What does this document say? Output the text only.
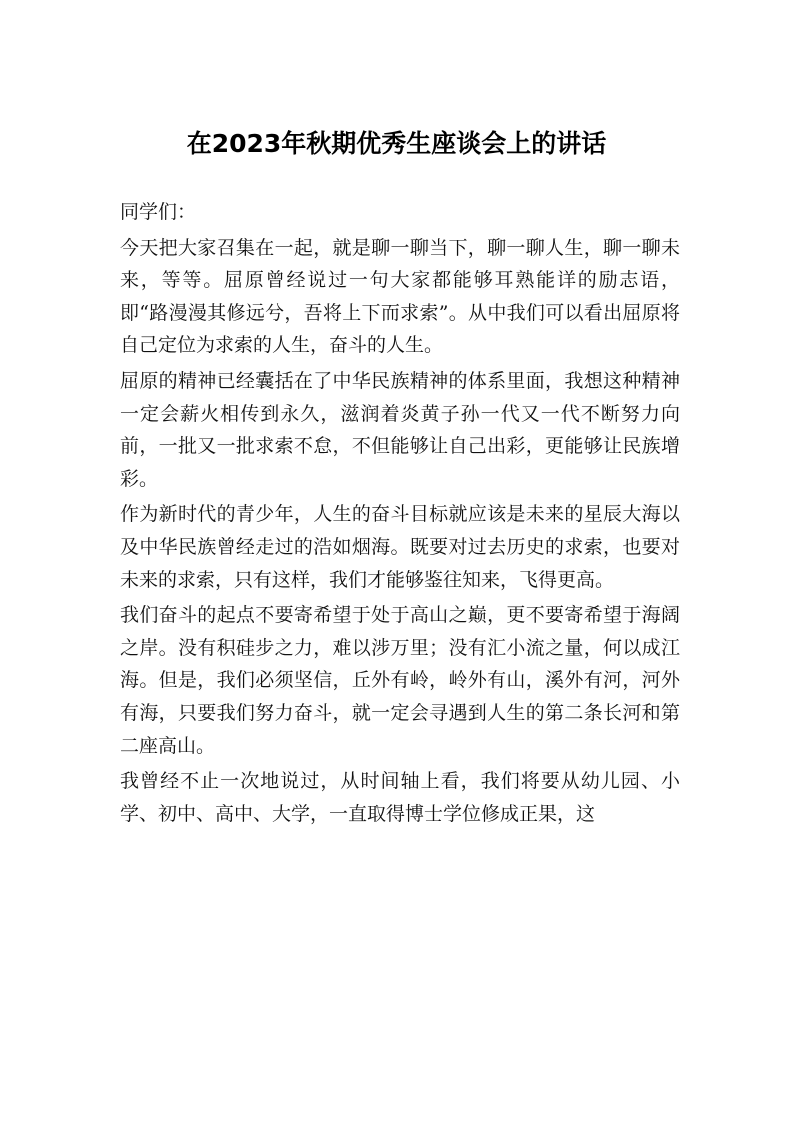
在2023年秋期优秀生座谈会上的讲话

同学们：

今天把大家召集在一起，就是聊一聊当下，聊一聊人生，聊一聊未来，等等。屈原曾经说过一句大家都能够耳熟能详的励志语，即“路漫漫其修远兮，吾将上下而求索”。从中我们可以看出屈原将自己定位为求索的人生，奋斗的人生。

屈原的精神已经囊括在了中华民族精神的体系里面，我想这种精神一定会薪火相传到永久，滋润着炎黄子孙一代又一代不断努力向前，一批又一批求索不怠，不但能够让自己出彩，更能够让民族增彩。

作为新时代的青少年，人生的奋斗目标就应该是未来的星辰大海以及中华民族曾经走过的浩如烟海。既要对过去历史的求索，也要对未来的求索，只有这样，我们才能够鉴往知来，飞得更高。

我们奋斗的起点不要寄希望于处于高山之巅，更不要寄希望于海阔之岸。没有积硅步之力，难以涉万里；没有汇小流之量，何以成江海。但是，我们必须坚信，丘外有岭，岭外有山，溪外有河，河外有海，只要我们努力奋斗，就一定会寻遇到人生的第二条长河和第二座高山。

我曾经不止一次地说过，从时间轴上看，我们将要从幼儿园、小学、初中、高中、大学，一直取得博士学位修成正果，这
